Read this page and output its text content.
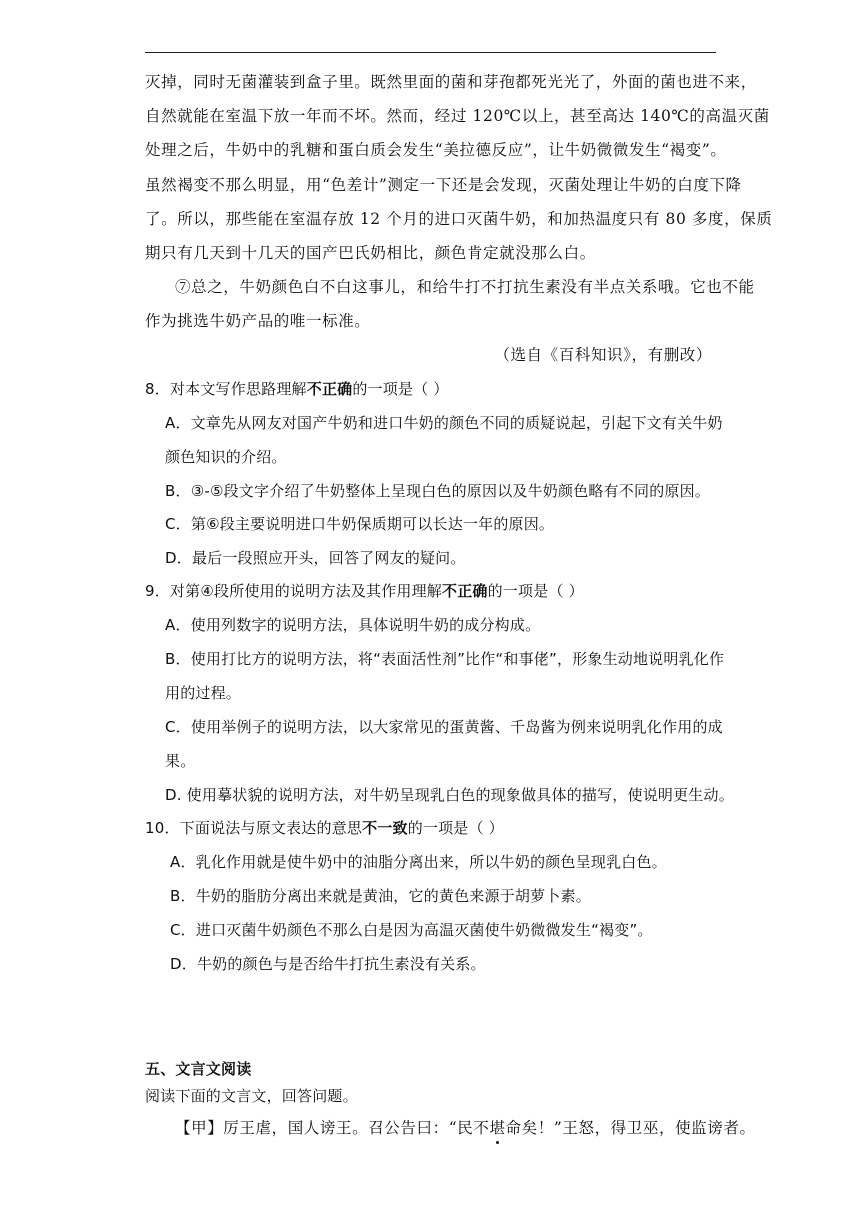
灭掉，同时无菌灌装到盒子里。既然里面的菌和芽孢都死光光了，外面的菌也进不来，
自然就能在室温下放一年而不坏。然而，经过 120℃以上，甚至高达 140℃的高温灭菌
处理之后，牛奶中的乳糖和蛋白质会发生“美拉德反应”，让牛奶微微发生“褐变”。
虽然褐变不那么明显，用“色差计”测定一下还是会发现，灭菌处理让牛奶的白度下降
了。所以，那些能在室温存放 12 个月的进口灭菌牛奶，和加热温度只有 80 多度，保质
期只有几天到十几天的国产巴氏奶相比，颜色肯定就没那么白。
⑦总之，牛奶颜色白不白这事儿，和给牛打不打抗生素没有半点关系哦。它也不能
作为挑选牛奶产品的唯一标准。
（选自《百科知识》，有删改）
8．对本文写作思路理解不正确的一项是（ ）
A．文章先从网友对国产牛奶和进口牛奶的颜色不同的质疑说起，引起下文有关牛奶
颜色知识的介绍。
B．③-⑤段文字介绍了牛奶整体上呈现白色的原因以及牛奶颜色略有不同的原因。
C．第⑥段主要说明进口牛奶保质期可以长达一年的原因。
D．最后一段照应开头，回答了网友的疑问。
9．对第④段所使用的说明方法及其作用理解不正确的一项是（ ）
A．使用列数字的说明方法，具体说明牛奶的成分构成。
B．使用打比方的说明方法，将“表面活性剂”比作“和事佬”，形象生动地说明乳化作
用的过程。
C．使用举例子的说明方法，以大家常见的蛋黄酱、千岛酱为例来说明乳化作用的成
果。
D. 使用摹状貌的说明方法，对牛奶呈现乳白色的现象做具体的描写，使说明更生动。
10．下面说法与原文表达的意思不一致的一项是（ ）
A．乳化作用就是使牛奶中的油脂分离出来，所以牛奶的颜色呈现乳白色。
B．牛奶的脂肪分离出来就是黄油，它的黄色来源于胡萝卜素。
C．进口灭菌牛奶颜色不那么白是因为高温灭菌使牛奶微微发生“褐变”。
D．牛奶的颜色与是否给牛打抗生素没有关系。
五、文言文阅读
阅读下面的文言文，回答问题。
【甲】厉王虐，国人谤王。召公告曰：“民不堪命矣！”王怒，得卫巫，使监谤者。
